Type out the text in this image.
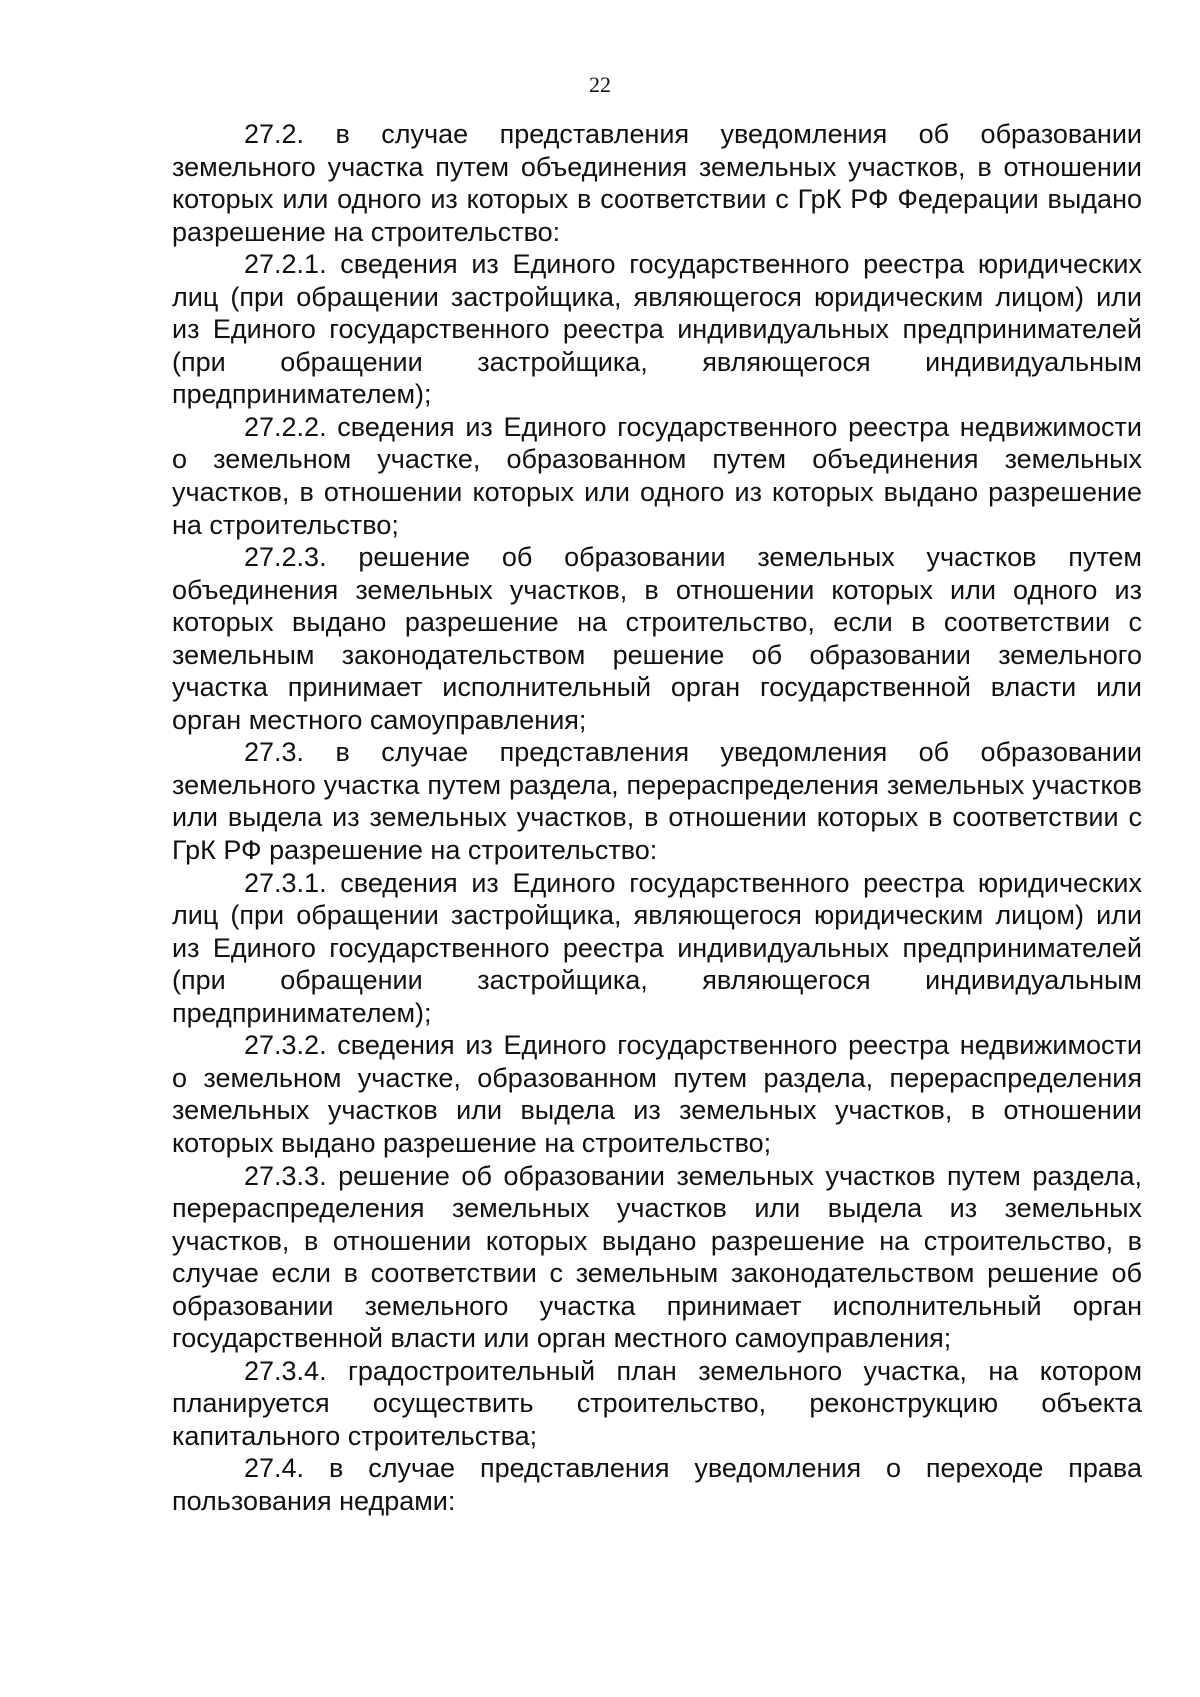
22

27.2. в случае представления уведомления об образовании земельного участка путем объединения земельных участков, в отношении которых или одного из которых в соответствии с ГрК РФ Федерации выдано разрешение на строительство:

27.2.1. сведения из Единого государственного реестра юридических лиц (при обращении застройщика, являющегося юридическим лицом) или из Единого государственного реестра индивидуальных предпринимателей (при обращении застройщика, являющегося индивидуальным предпринимателем);

27.2.2. сведения из Единого государственного реестра недвижимости о земельном участке, образованном путем объединения земельных участков, в отношении которых или одного из которых выдано разрешение на строительство;

27.2.3. решение об образовании земельных участков путем объединения земельных участков, в отношении которых или одного из которых выдано разрешение на строительство, если в соответствии с земельным законодательством решение об образовании земельного участка принимает исполнительный орган государственной власти или орган местного самоуправления;

27.3. в случае представления уведомления об образовании земельного участка путем раздела, перераспределения земельных участков или выдела из земельных участков, в отношении которых в соответствии с ГрК РФ разрешение на строительство:

27.3.1. сведения из Единого государственного реестра юридических лиц (при обращении застройщика, являющегося юридическим лицом) или из Единого государственного реестра индивидуальных предпринимателей (при обращении застройщика, являющегося индивидуальным предпринимателем);

27.3.2. сведения из Единого государственного реестра недвижимости о земельном участке, образованном путем раздела, перераспределения земельных участков или выдела из земельных участков, в отношении которых выдано разрешение на строительство;

27.3.3. решение об образовании земельных участков путем раздела, перераспределения земельных участков или выдела из земельных участков, в отношении которых выдано разрешение на строительство, в случае если в соответствии с земельным законодательством решение об образовании земельного участка принимает исполнительный орган государственной власти или орган местного самоуправления;

27.3.4. градостроительный план земельного участка, на котором планируется осуществить строительство, реконструкцию объекта капитального строительства;

27.4. в случае представления уведомления о переходе права пользования недрами:
